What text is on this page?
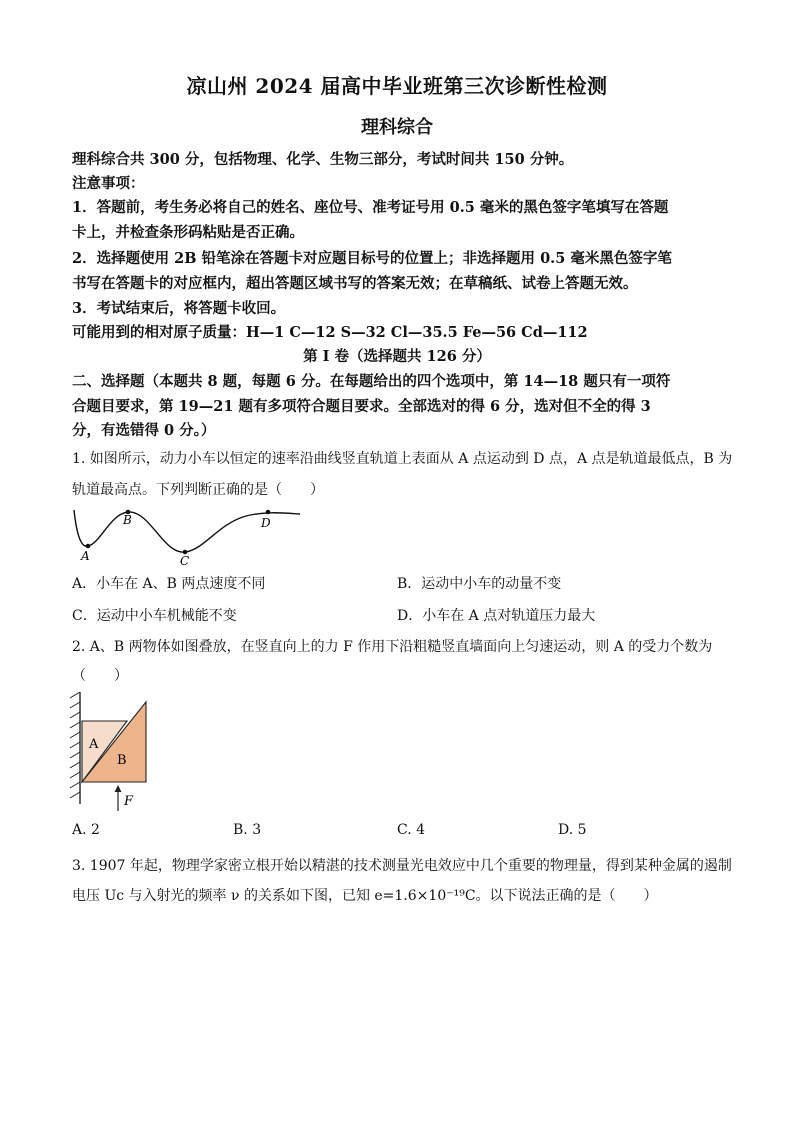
凉山州 2024 届高中毕业班第三次诊断性检测
理科综合
理科综合共 300 分，包括物理、化学、生物三部分，考试时间共 150 分钟。
注意事项：
1．答题前，考生务必将自己的姓名、座位号、准考证号用 0.5 毫米的黑色签字笔填写在答题
卡上，并检查条形码粘贴是否正确。
2．选择题使用 2B 铅笔涂在答题卡对应题目标号的位置上；非选择题用 0.5 毫米黑色签字笔
书写在答题卡的对应框内，超出答题区域书写的答案无效；在草稿纸、试卷上答题无效。
3．考试结束后，将答题卡收回。
可能用到的相对原子质量：H—1 C—12 S—32 Cl—35.5 Fe—56 Cd—112
第 I 卷（选择题共 126 分）
二、选择题（本题共 8 题，每题 6 分。在每题给出的四个选项中，第 14—18 题只有一项符
合题目要求，第 19—21 题有多项符合题目要求。全部选对的得 6 分，选对但不全的得 3
分，有选错得 0 分。）
1. 如图所示，动力小车以恒定的速率沿曲线竖直轨道上表面从 A 点运动到 D 点，A 点是轨道最低点，B 为
轨道最高点。下列判断正确的是（　　）
A
B
C
D
A．小车在 A、B 两点速度不同	B．运动中小车的动量不变
C．运动中小车机械能不变	D．小车在 A 点对轨道压力最大
2. A、B 两物体如图叠放，在竖直向上的力 F 作用下沿粗糙竖直墙面向上匀速运动，则 A 的受力个数为
（　　）
A
B
F
A. 2	B. 3	C. 4	D. 5
3. 1907 年起，物理学家密立根开始以精湛的技术测量光电效应中几个重要的物理量，得到某种金属的遏制
电压 Uc 与入射光的频率 ν 的关系如下图，已知 e=1.6×10⁻¹⁹C。以下说法正确的是（　　）
